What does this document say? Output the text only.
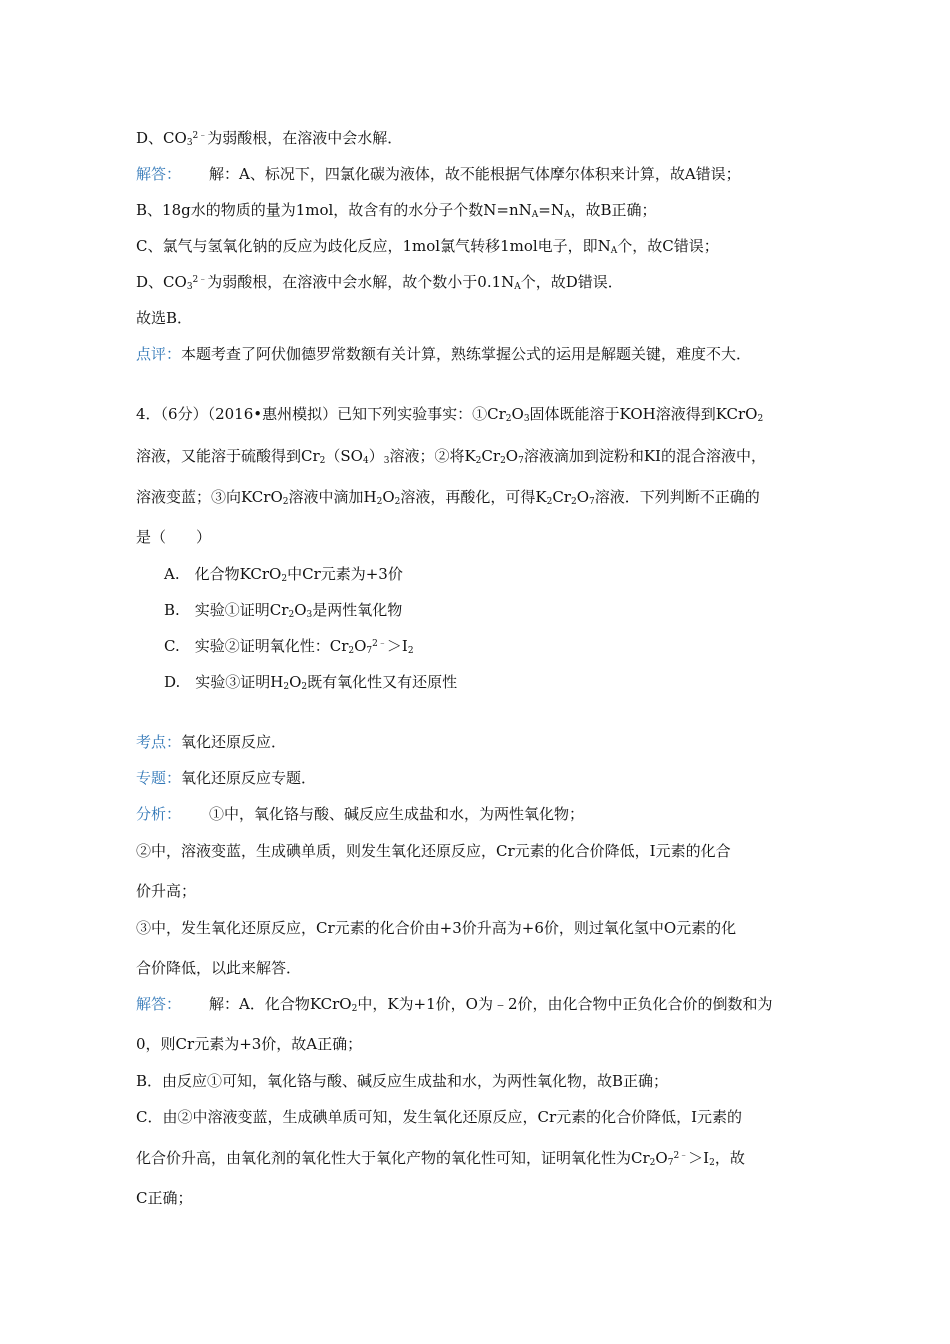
D、$CO_3^{2﹣}$为弱酸根，在溶液中会水解．
解答： 解：A、标况下，四氯化碳为液体，故不能根据气体摩尔体积来计算，故A错误；
B、18g水的物质的量为1mol，故含有的水分子个数$N=nN_A=N_A$，故B正确；
C、氯气与氢氧化钠的反应为歧化反应，1mol氯气转移1mol电子，即$N_A$个，故C错误；
D、$CO_3^{2﹣}$为弱酸根，在溶液中会水解，故个数小于$0.1N_A$个，故D错误．
故选B．
点评：本题考查了阿伏伽德罗常数额有关计算，熟练掌握公式的运用是解题关键，难度不大．
4．（6分）（2016•惠州模拟）已知下列实验事实：$①Cr_2O_3$固体既能溶于KOH溶液得到KCrO$_2$
溶液，又能溶于硫酸得到$Cr_2(SO_4)_3$溶液；②将$K_2Cr_2O_7$溶液滴加到淀粉和KI的混合溶液中，
溶液变蓝；③向KCrO$_2$溶液中滴加$H_2O_2$溶液，再酸化，可得$K_2Cr_2O_7$溶液．下列判断不正确的
是（　　）
A.　化合物KCrO$_2$中Cr元素为+3价
B.　实验①证明$Cr_2O_3$是两性氧化物
C.　实验②证明氧化性：$Cr_2O_7^{2﹣}>I_2$
D.　实验③证明$H_2O_2$既有氧化性又有还原性
考点：氧化还原反应．
专题：氧化还原反应专题．
分析： ①中，氧化铬与酸、碱反应生成盐和水，为两性氧化物；
②中，溶液变蓝，生成碘单质，则发生氧化还原反应，Cr元素的化合价降低，I元素的化合
价升高；
③中，发生氧化还原反应，Cr元素的化合价由+3价升高为+6价，则过氧化氢中O元素的化
合价降低，以此来解答．
解答： 解：A．化合物KCrO$_2$中，K为+1价，O为﹣2价，由化合物中正负化合价的倒数和为
0，则Cr元素为+3价，故A正确；
B．由反应①可知，氧化铬与酸、碱反应生成盐和水，为两性氧化物，故B正确；
C．由②中溶液变蓝，生成碘单质可知，发生氧化还原反应，Cr元素的化合价降低，I元素的
化合价升高，由氧化剂的氧化性大于氧化产物的氧化性可知，证明氧化性为$Cr_2O_7^{2﹣}>I_2$，故
C正确；
